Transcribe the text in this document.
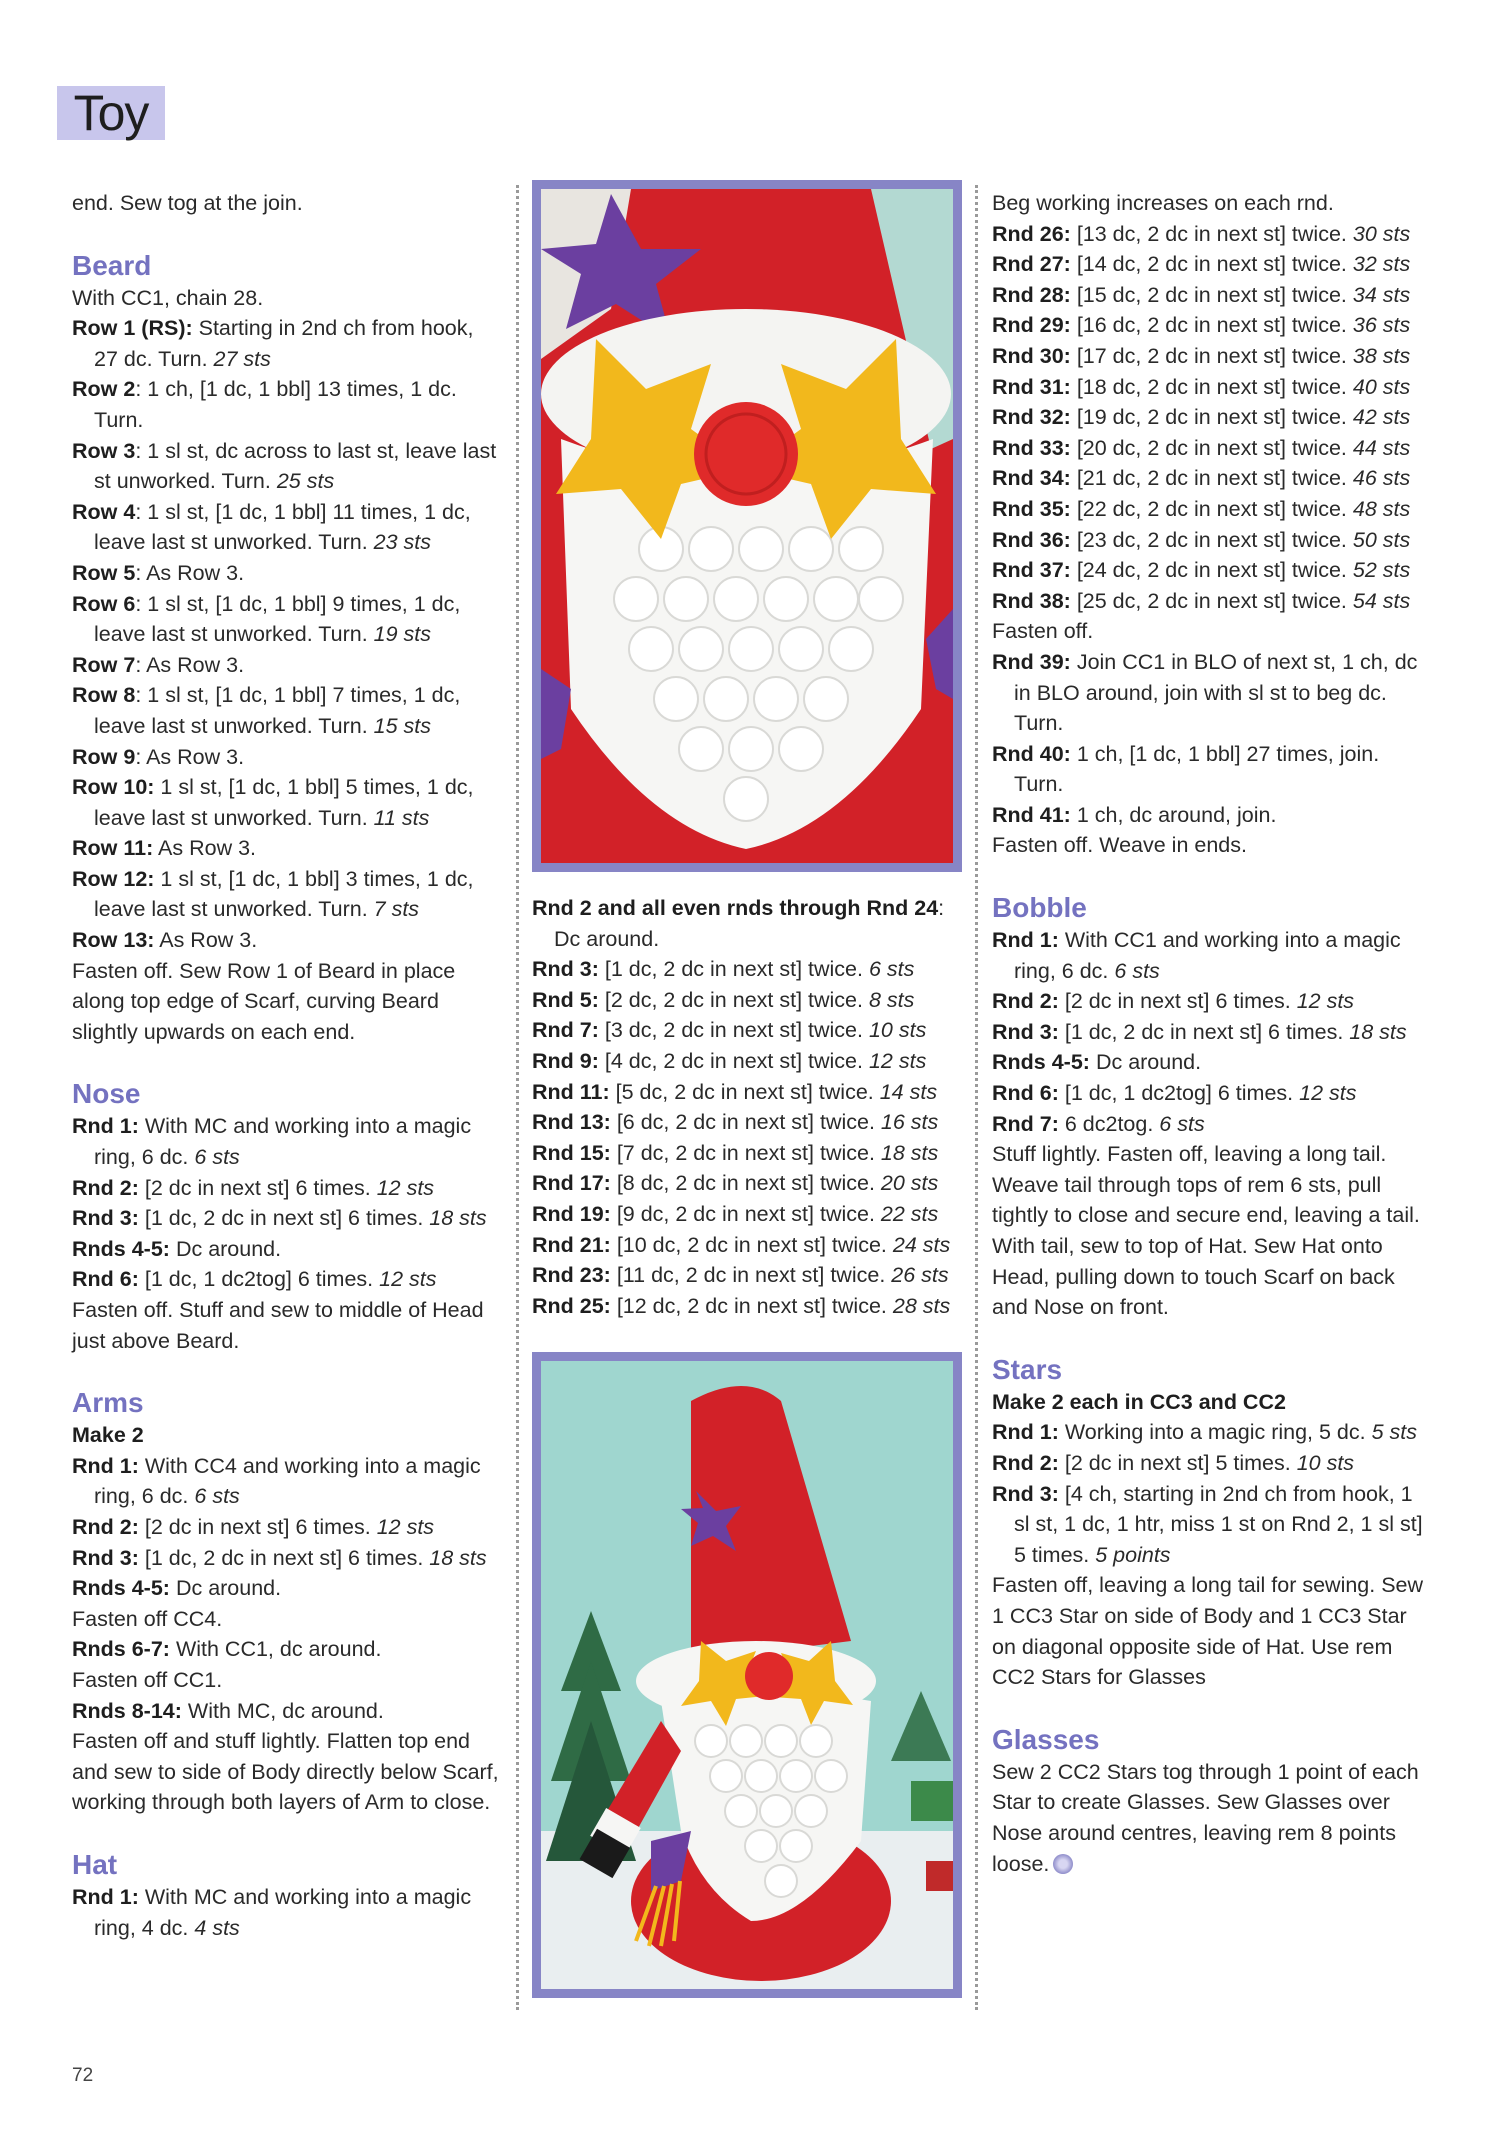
Toy

end. Sew tog at the join.

Beard

With CC1, chain 28.

Row 1 (RS): Starting in 2nd ch from hook, 27 dc. Turn. 27 sts

Row 2: 1 ch, [1 dc, 1 bbl] 13 times, 1 dc. Turn.

Row 3: 1 sl st, dc across to last st, leave last st unworked. Turn. 25 sts

Row 4: 1 sl st, [1 dc, 1 bbl] 11 times, 1 dc, leave last st unworked. Turn. 23 sts

Row 5: As Row 3.

Row 6: 1 sl st, [1 dc, 1 bbl] 9 times, 1 dc, leave last st unworked. Turn. 19 sts

Row 7: As Row 3.

Row 8: 1 sl st, [1 dc, 1 bbl] 7 times, 1 dc, leave last st unworked. Turn. 15 sts

Row 9: As Row 3.

Row 10: 1 sl st, [1 dc, 1 bbl] 5 times, 1 dc, leave last st unworked. Turn. 11 sts

Row 11: As Row 3.

Row 12: 1 sl st, [1 dc, 1 bbl] 3 times, 1 dc, leave last st unworked. Turn. 7 sts

Row 13: As Row 3.

Fasten off. Sew Row 1 of Beard in place along top edge of Scarf, curving Beard slightly upwards on each end.

Nose

Rnd 1: With MC and working into a magic ring, 6 dc. 6 sts

Rnd 2: [2 dc in next st] 6 times. 12 sts

Rnd 3: [1 dc, 2 dc in next st] 6 times. 18 sts

Rnds 4-5: Dc around.

Rnd 6: [1 dc, 1 dc2tog] 6 times. 12 sts

Fasten off. Stuff and sew to middle of Head just above Beard.

Arms

Make 2

Rnd 1: With CC4 and working into a magic ring, 6 dc. 6 sts

Rnd 2: [2 dc in next st] 6 times. 12 sts

Rnd 3: [1 dc, 2 dc in next st] 6 times. 18 sts

Rnds 4-5: Dc around.

Fasten off CC4.

Rnds 6-7: With CC1, dc around.

Fasten off CC1.

Rnds 8-14: With MC, dc around.

Fasten off and stuff lightly. Flatten top end and sew to side of Body directly below Scarf, working through both layers of Arm to close.

Hat

Rnd 1: With MC and working into a magic ring, 4 dc. 4 sts

Rnd 2 and all even rnds through Rnd 24: Dc around.

Rnd 3: [1 dc, 2 dc in next st] twice. 6 sts

Rnd 5: [2 dc, 2 dc in next st] twice. 8 sts

Rnd 7: [3 dc, 2 dc in next st] twice. 10 sts

Rnd 9: [4 dc, 2 dc in next st] twice. 12 sts

Rnd 11: [5 dc, 2 dc in next st] twice. 14 sts

Rnd 13: [6 dc, 2 dc in next st] twice. 16 sts

Rnd 15: [7 dc, 2 dc in next st] twice. 18 sts

Rnd 17: [8 dc, 2 dc in next st] twice. 20 sts

Rnd 19: [9 dc, 2 dc in next st] twice. 22 sts

Rnd 21: [10 dc, 2 dc in next st] twice. 24 sts

Rnd 23: [11 dc, 2 dc in next st] twice. 26 sts

Rnd 25: [12 dc, 2 dc in next st] twice. 28 sts

Beg working increases on each rnd.

Rnd 26: [13 dc, 2 dc in next st] twice. 30 sts

Rnd 27: [14 dc, 2 dc in next st] twice. 32 sts

Rnd 28: [15 dc, 2 dc in next st] twice. 34 sts

Rnd 29: [16 dc, 2 dc in next st] twice. 36 sts

Rnd 30: [17 dc, 2 dc in next st] twice. 38 sts

Rnd 31: [18 dc, 2 dc in next st] twice. 40 sts

Rnd 32: [19 dc, 2 dc in next st] twice. 42 sts

Rnd 33: [20 dc, 2 dc in next st] twice. 44 sts

Rnd 34: [21 dc, 2 dc in next st] twice. 46 sts

Rnd 35: [22 dc, 2 dc in next st] twice. 48 sts

Rnd 36: [23 dc, 2 dc in next st] twice. 50 sts

Rnd 37: [24 dc, 2 dc in next st] twice. 52 sts

Rnd 38: [25 dc, 2 dc in next st] twice. 54 sts

Fasten off.

Rnd 39: Join CC1 in BLO of next st, 1 ch, dc in BLO around, join with sl st to beg dc. Turn.

Rnd 40: 1 ch, [1 dc, 1 bbl] 27 times, join. Turn.

Rnd 41: 1 ch, dc around, join.

Fasten off. Weave in ends.

Bobble

Rnd 1: With CC1 and working into a magic ring, 6 dc. 6 sts

Rnd 2: [2 dc in next st] 6 times. 12 sts

Rnd 3: [1 dc, 2 dc in next st] 6 times. 18 sts

Rnds 4-5: Dc around.

Rnd 6: [1 dc, 1 dc2tog] 6 times. 12 sts

Rnd 7: 6 dc2tog. 6 sts

Stuff lightly. Fasten off, leaving a long tail. Weave tail through tops of rem 6 sts, pull tightly to close and secure end, leaving a tail. With tail, sew to top of Hat. Sew Hat onto Head, pulling down to touch Scarf on back and Nose on front.

Stars

Make 2 each in CC3 and CC2

Rnd 1: Working into a magic ring, 5 dc. 5 sts

Rnd 2: [2 dc in next st] 5 times. 10 sts

Rnd 3: [4 ch, starting in 2nd ch from hook, 1 sl st, 1 dc, 1 htr, miss 1 st on Rnd 2, 1 sl st] 5 times. 5 points

Fasten off, leaving a long tail for sewing. Sew 1 CC3 Star on side of Body and 1 CC3 Star on diagonal opposite side of Hat. Use rem CC2 Stars for Glasses

Glasses

Sew 2 CC2 Stars tog through 1 point of each Star to create Glasses. Sew Glasses over Nose around centres, leaving rem 8 points loose.

72
